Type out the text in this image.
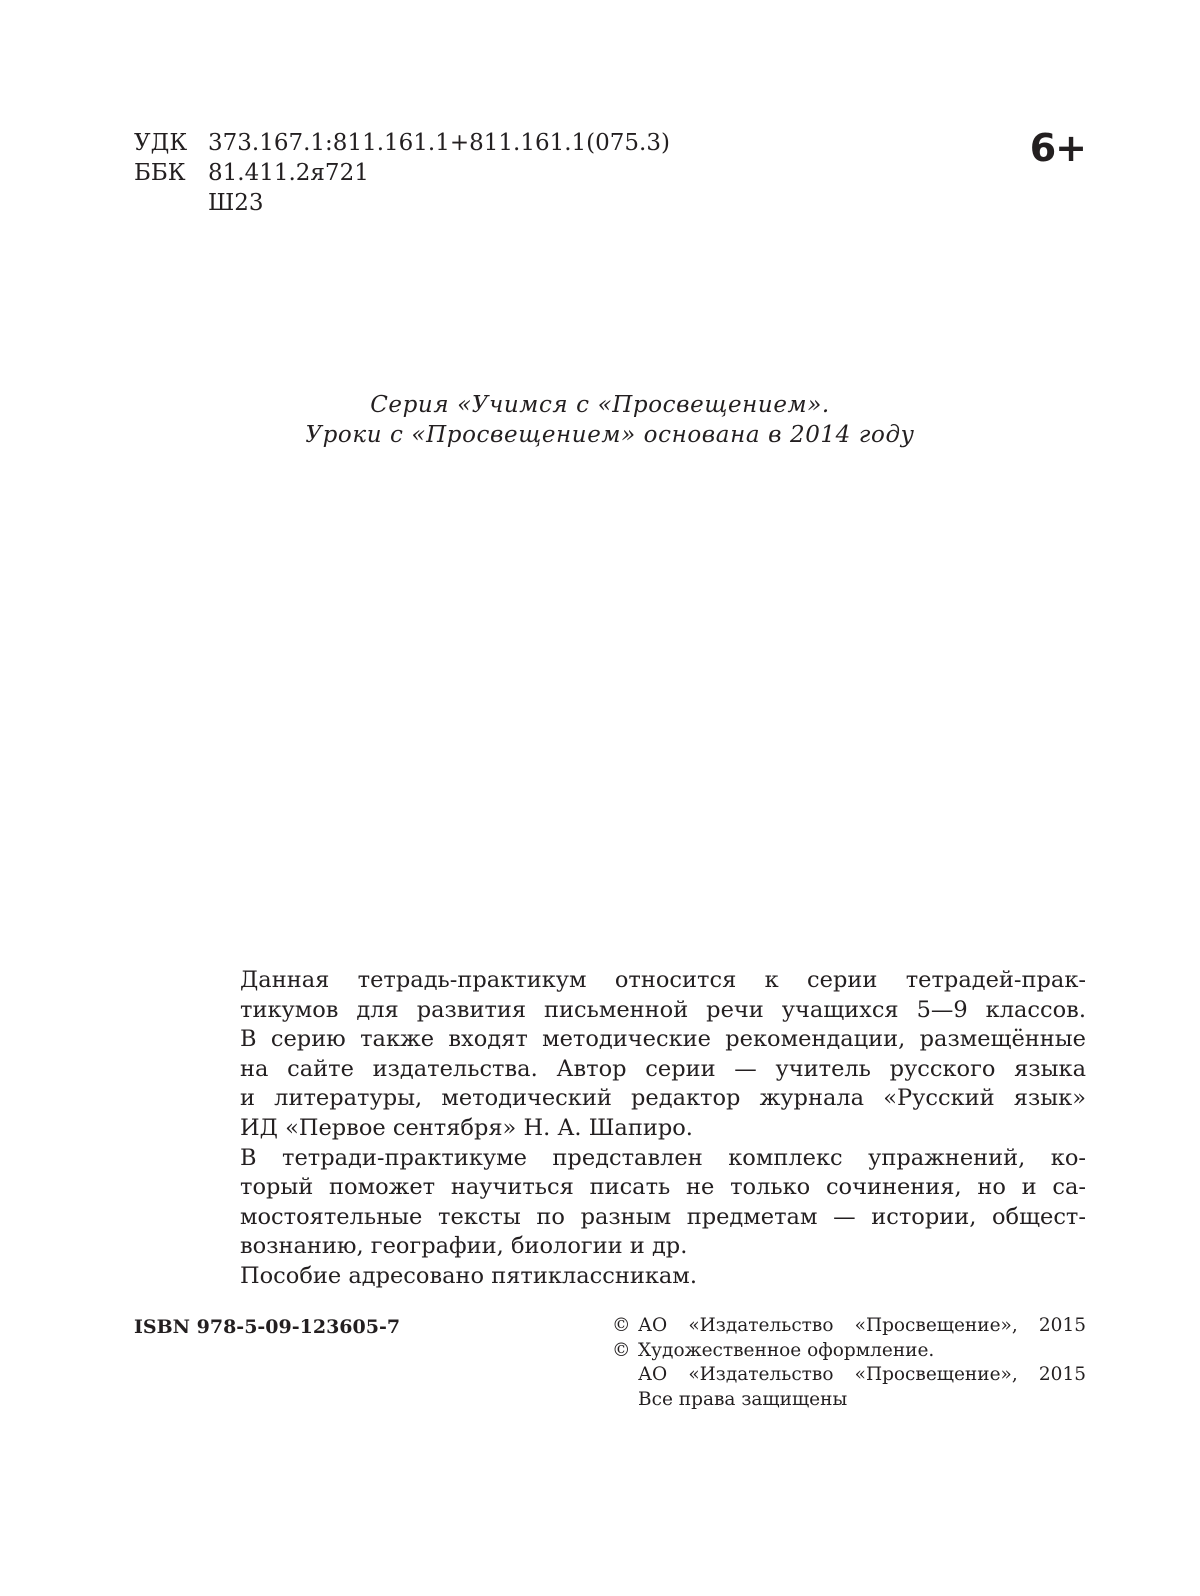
УДК 373.167.1:811.161.1+811.161.1(075.3)
ББК 81.411.2я721
Ш23
6+
Серия «Учимся с «Просвещением».
Уроки с «Просвещением» основана в 2014 году
Данная тетрадь-практикум относится к серии тетрадей-прак-
тикумов для развития письменной речи учащихся 5—9 классов.
В серию также входят методические рекомендации, размещённые
на сайте издательства. Автор серии — учитель русского языка
и литературы, методический редактор журнала «Русский язык»
ИД «Первое сентября» Н. А. Шапиро.
В тетради-практикуме представлен комплекс упражнений, ко-
торый поможет научиться писать не только сочинения, но и са-
мостоятельные тексты по разным предметам — истории, общест-
вознанию, географии, биологии и др.
Пособие адресовано пятиклассникам.
ISBN 978-5-09-123605-7	© АО «Издательство «Просвещение», 2015
© Художественное оформление.
АО «Издательство «Просвещение», 2015
Все права защищены
